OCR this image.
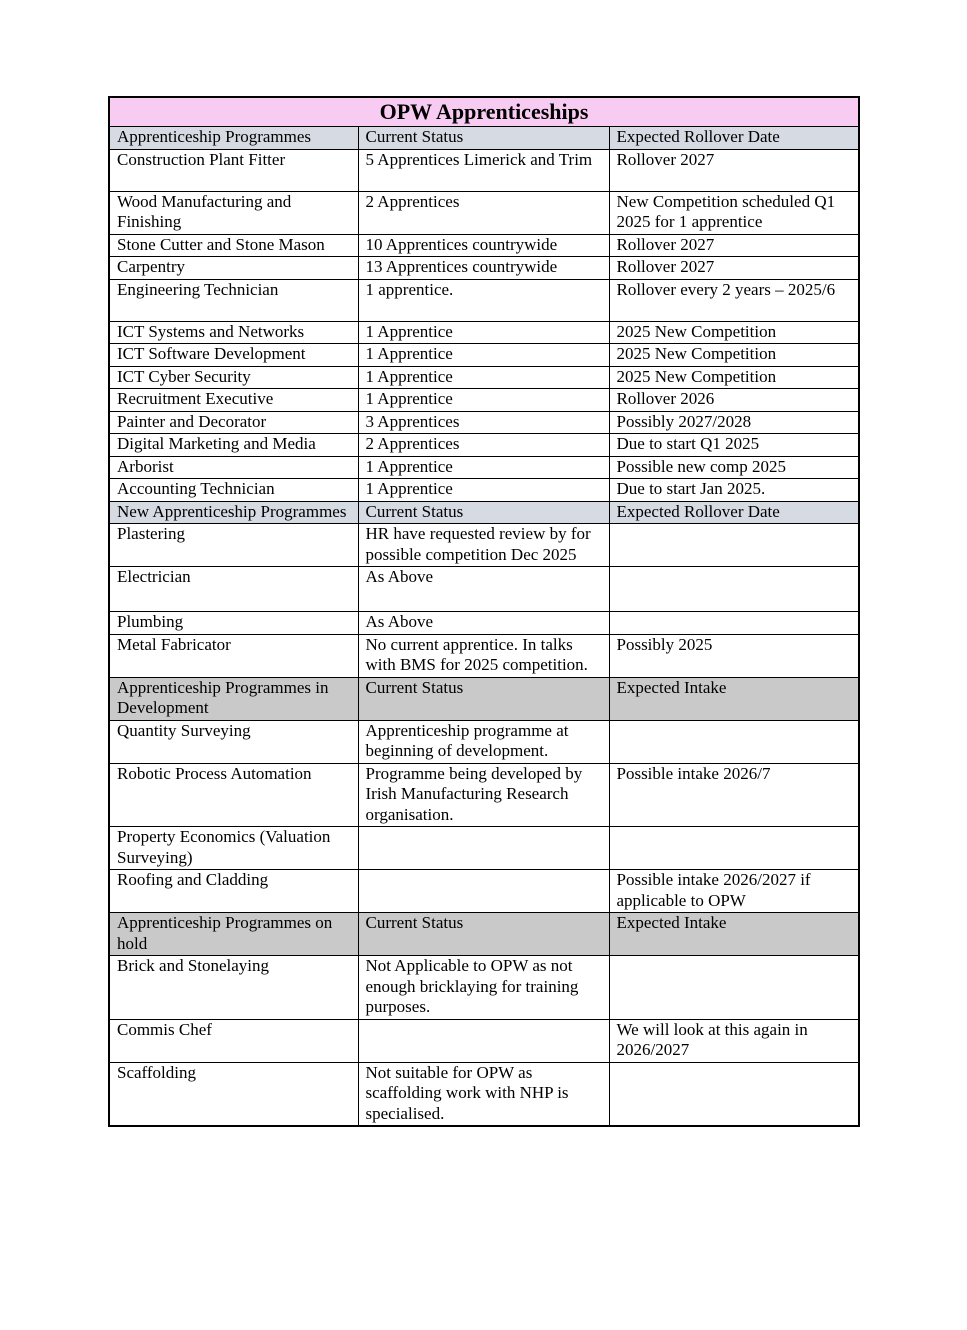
OPW Apprenticeships		
Apprenticeship Programmes	Current Status	Expected Rollover Date
Construction Plant Fitter	5 Apprentices Limerick and Trim	Rollover 2027
Wood Manufacturing and Finishing	2 Apprentices	New Competition scheduled Q1 2025 for 1 apprentice
Stone Cutter and Stone Mason	10 Apprentices countrywide	Rollover 2027
Carpentry	13 Apprentices countrywide	Rollover 2027
Engineering Technician	1 apprentice.	Rollover every 2 years – 2025/6
ICT Systems and Networks	1 Apprentice	2025 New Competition
ICT Software Development	1 Apprentice	2025 New Competition
ICT Cyber Security	1 Apprentice	2025 New Competition
Recruitment Executive	1 Apprentice	Rollover 2026
Painter and Decorator	3 Apprentices	Possibly 2027/2028
Digital Marketing and Media	2 Apprentices	Due to start Q1 2025
Arborist	1 Apprentice	Possible new comp 2025
Accounting Technician	1 Apprentice	Due to start Jan 2025.
New Apprenticeship Programmes	Current Status	Expected Rollover Date
Plastering	HR have requested review by for possible competition Dec 2025	
Electrician	As Above	
Plumbing	As Above	
Metal Fabricator	No current apprentice. In talks with BMS for 2025 competition.	Possibly 2025
Apprenticeship Programmes in Development	Current Status	Expected Intake
Quantity Surveying	Apprenticeship programme at beginning of development.	
Robotic Process Automation	Programme being developed by Irish Manufacturing Research organisation.	Possible intake 2026/7
Property Economics (Valuation Surveying)		
Roofing and Cladding		Possible intake 2026/2027 if applicable to OPW
Apprenticeship Programmes on hold	Current Status	Expected Intake
Brick and Stonelaying	Not Applicable to OPW as not enough bricklaying for training purposes.	
Commis Chef		We will look at this again in 2026/2027
Scaffolding	Not suitable for OPW as scaffolding work with NHP is specialised.	
